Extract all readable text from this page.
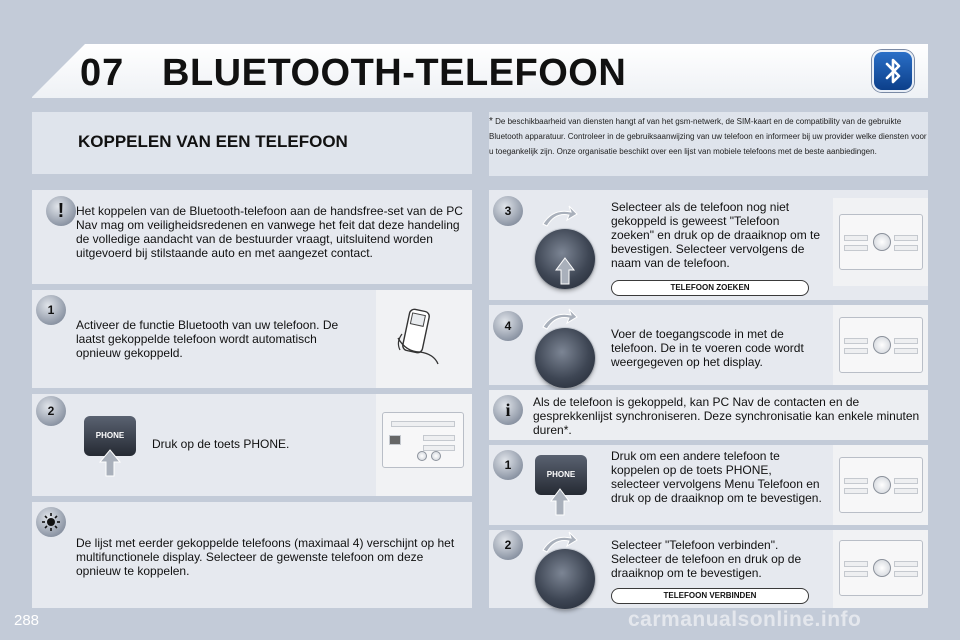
07 BLUETOOTH-TELEFOON
KOPPELEN VAN EEN TELEFOON
* De beschikbaarheid van diensten hangt af van het gsm-netwerk, de SIM-kaart en de compatibility van de gebruikte Bluetooth apparatuur. Controleer in de gebruiksaanwijzing van uw telefoon en informeer bij uw provider welke diensten voor u toegankelijk zijn. Onze organisatie beschikt over een lijst van mobiele telefoons met de beste aanbiedingen.
! Het koppelen van de Bluetooth-telefoon aan de handsfree-set van de PC Nav mag om veiligheidsredenen en vanwege het feit dat deze handeling de volledige aandacht van de bestuurder vraagt, uitsluitend worden uitgevoerd bij stilstaande auto en met aangezet contact.
1
Activeer de functie Bluetooth van uw telefoon. De laatst gekoppelde telefoon wordt automatisch opnieuw gekoppeld.
2
PHONE
Druk op de toets PHONE.
De lijst met eerder gekoppelde telefoons (maximaal 4) verschijnt op het multifunctionele display. Selecteer de gewenste telefoon om deze opnieuw te koppelen.
3	Selecteer als de telefoon nog niet gekoppeld is geweest "Telefoon zoeken" en druk op de draaiknop om te bevestigen. Selecteer vervolgens de naam van de telefoon.
TELEFOON ZOEKEN
4
Voer de toegangscode in met de telefoon. De in te voeren code wordt weergegeven op het display.
i	Als de telefoon is gekoppeld, kan PC Nav de contacten en de gesprekkenlijst synchroniseren. Deze synchronisatie kan enkele minuten duren*.
1
PHONE
Druk om een andere telefoon te koppelen op de toets PHONE, selecteer vervolgens Menu Telefoon en druk op de draaiknop om te bevestigen.
2	Selecteer "Telefoon verbinden". Selecteer de telefoon en druk op de draaiknop om te bevestigen.
TELEFOON VERBINDEN
288	carmanualsonline.info
